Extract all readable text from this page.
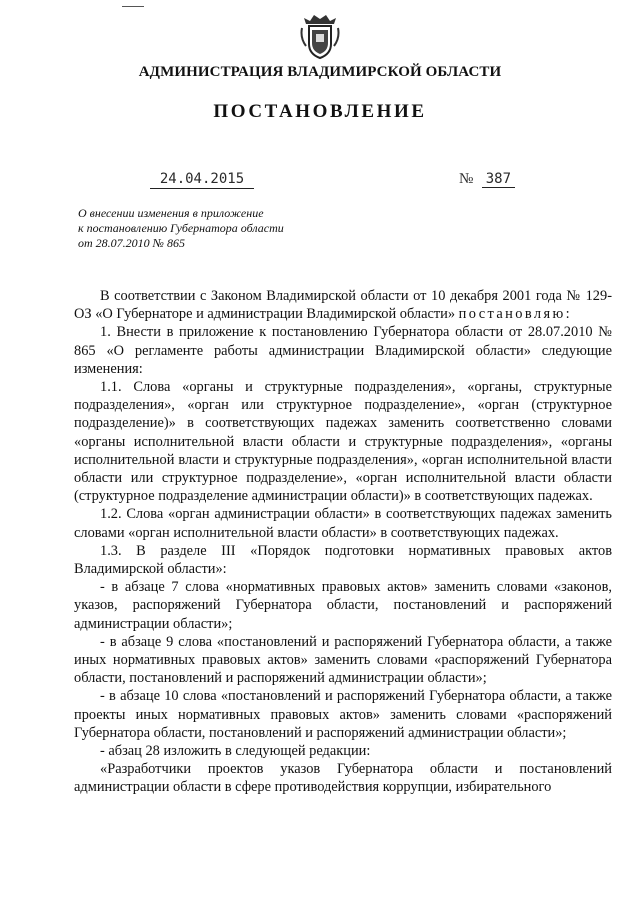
АДМИНИСТРАЦИЯ ВЛАДИМИРСКОЙ ОБЛАСТИ
ПОСТАНОВЛЕНИЕ
24.04.2015	№ 387
О внесении изменения в приложение
к постановлению Губернатора области
от 28.07.2010 № 865

В соответствии с Законом Владимирской области от 10 декабря 2001 года № 129-ОЗ «О Губернаторе и администрации Владимирской области» постановляю:

1. Внести в приложение к постановлению Губернатора области от 28.07.2010 № 865 «О регламенте работы администрации Владимирской области» следующие изменения:

1.1. Слова «органы и структурные подразделения», «органы, структурные подразделения», «орган или структурное подразделение», «орган (структурное подразделение)» в соответствующих падежах заменить соответственно словами «органы исполнительной власти области и структурные подразделения», «органы исполнительной власти и структурные подразделения», «орган исполнительной власти области или структурное подразделение», «орган исполнительной власти области (структурное подразделение администрации области)» в соответствующих падежах.

1.2. Слова «орган администрации области» в соответствующих падежах заменить словами «орган исполнительной власти области» в соответствующих падежах.

1.3. В разделе III «Порядок подготовки нормативных правовых актов Владимирской области»:

- в абзаце 7 слова «нормативных правовых актов» заменить словами «законов, указов, распоряжений Губернатора области, постановлений и распоряжений администрации области»;

- в абзаце 9 слова «постановлений и распоряжений Губернатора области, а также иных нормативных правовых актов» заменить словами «распоряжений Губернатора области, постановлений и распоряжений администрации области»;

- в абзаце 10 слова «постановлений и распоряжений Губернатора области, а также проекты иных нормативных правовых актов» заменить словами «распоряжений Губернатора области, постановлений и распоряжений администрации области»;

- абзац 28 изложить в следующей редакции:

«Разработчики проектов указов Губернатора области и постановлений администрации области в сфере противодействия коррупции, избирательного
